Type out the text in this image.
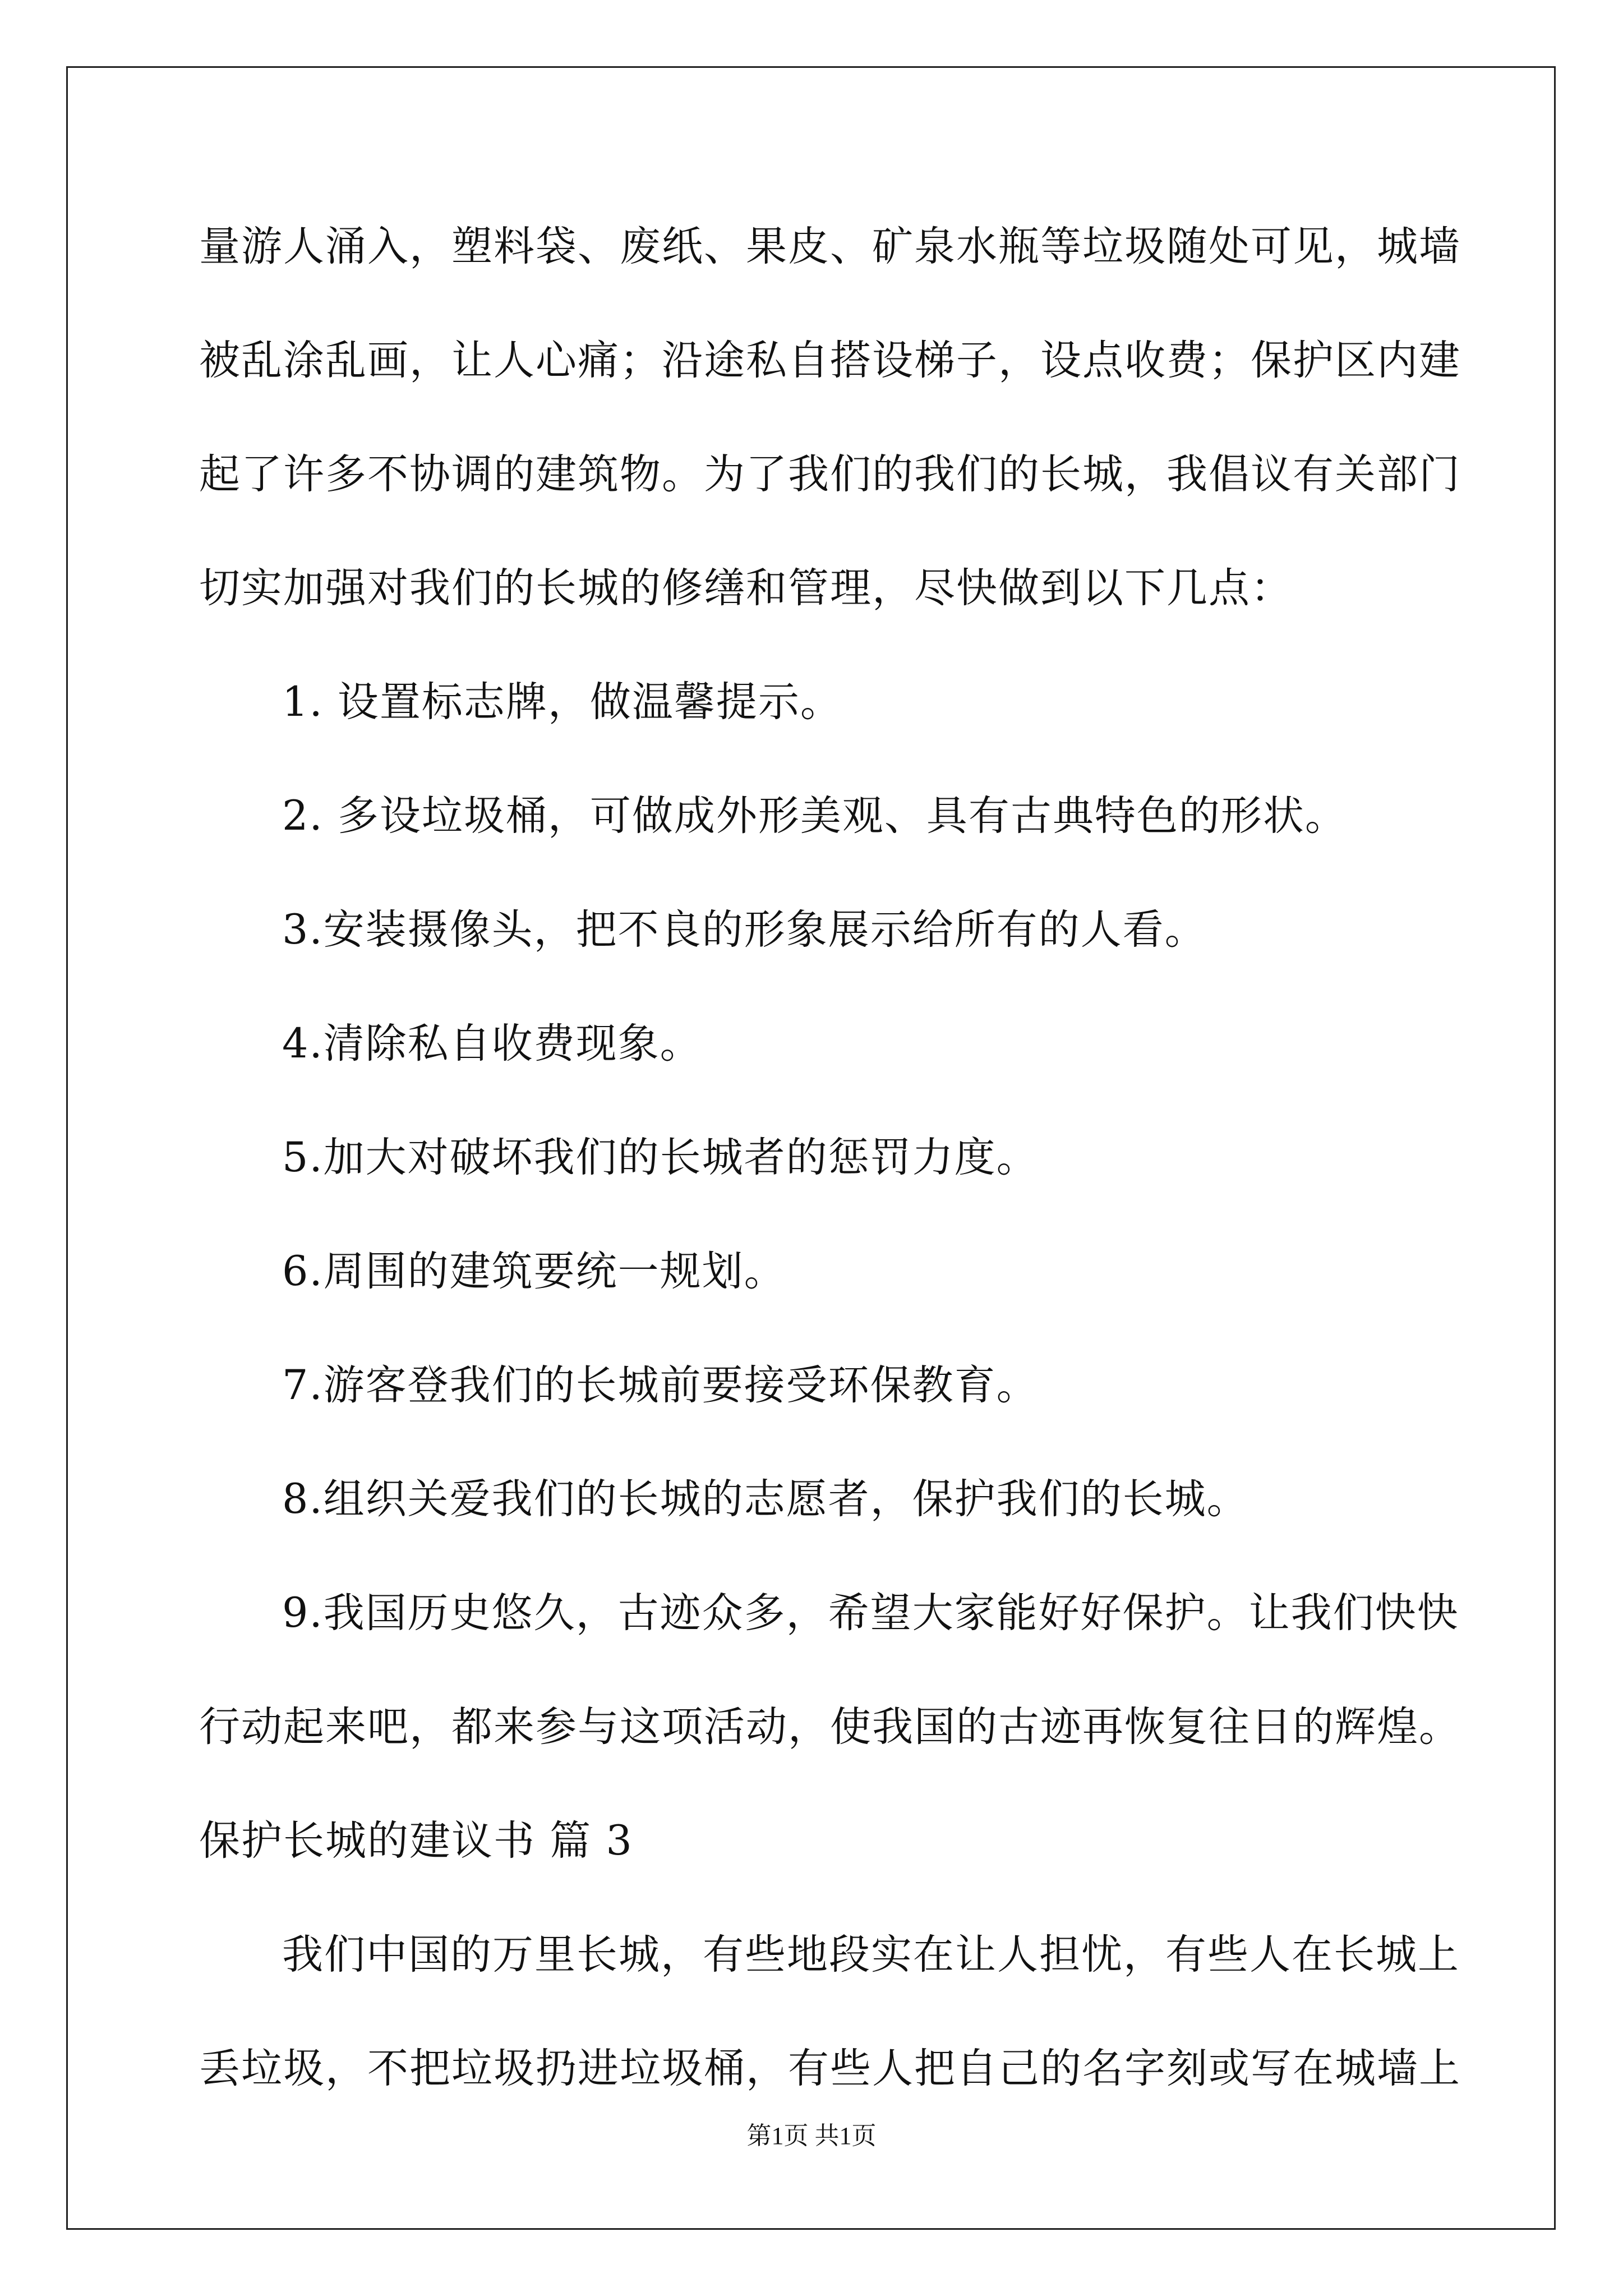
量游人涌入，塑料袋、废纸、果皮、矿泉水瓶等垃圾随处可见，城墙
被乱涂乱画，让人心痛；沿途私自搭设梯子，设点收费；保护区内建
起了许多不协调的建筑物。为了我们的我们的长城，我倡议有关部门
切实加强对我们的长城的修缮和管理，尽快做到以下几点：
1. 设置标志牌，做温馨提示。
2. 多设垃圾桶，可做成外形美观、具有古典特色的形状。
3.安装摄像头，把不良的形象展示给所有的人看。
4.清除私自收费现象。
5.加大对破坏我们的长城者的惩罚力度。
6.周围的建筑要统一规划。
7.游客登我们的长城前要接受环保教育。
8.组织关爱我们的长城的志愿者，保护我们的长城。
9.我国历史悠久，古迹众多，希望大家能好好保护。让我们快快
行动起来吧，都来参与这项活动，使我国的古迹再恢复往日的辉煌。
保护长城的建议书 篇 3
我们中国的万里长城，有些地段实在让人担忧，有些人在长城上
丢垃圾，不把垃圾扔进垃圾桶，有些人把自己的名字刻或写在城墙上
第1页 共1页
